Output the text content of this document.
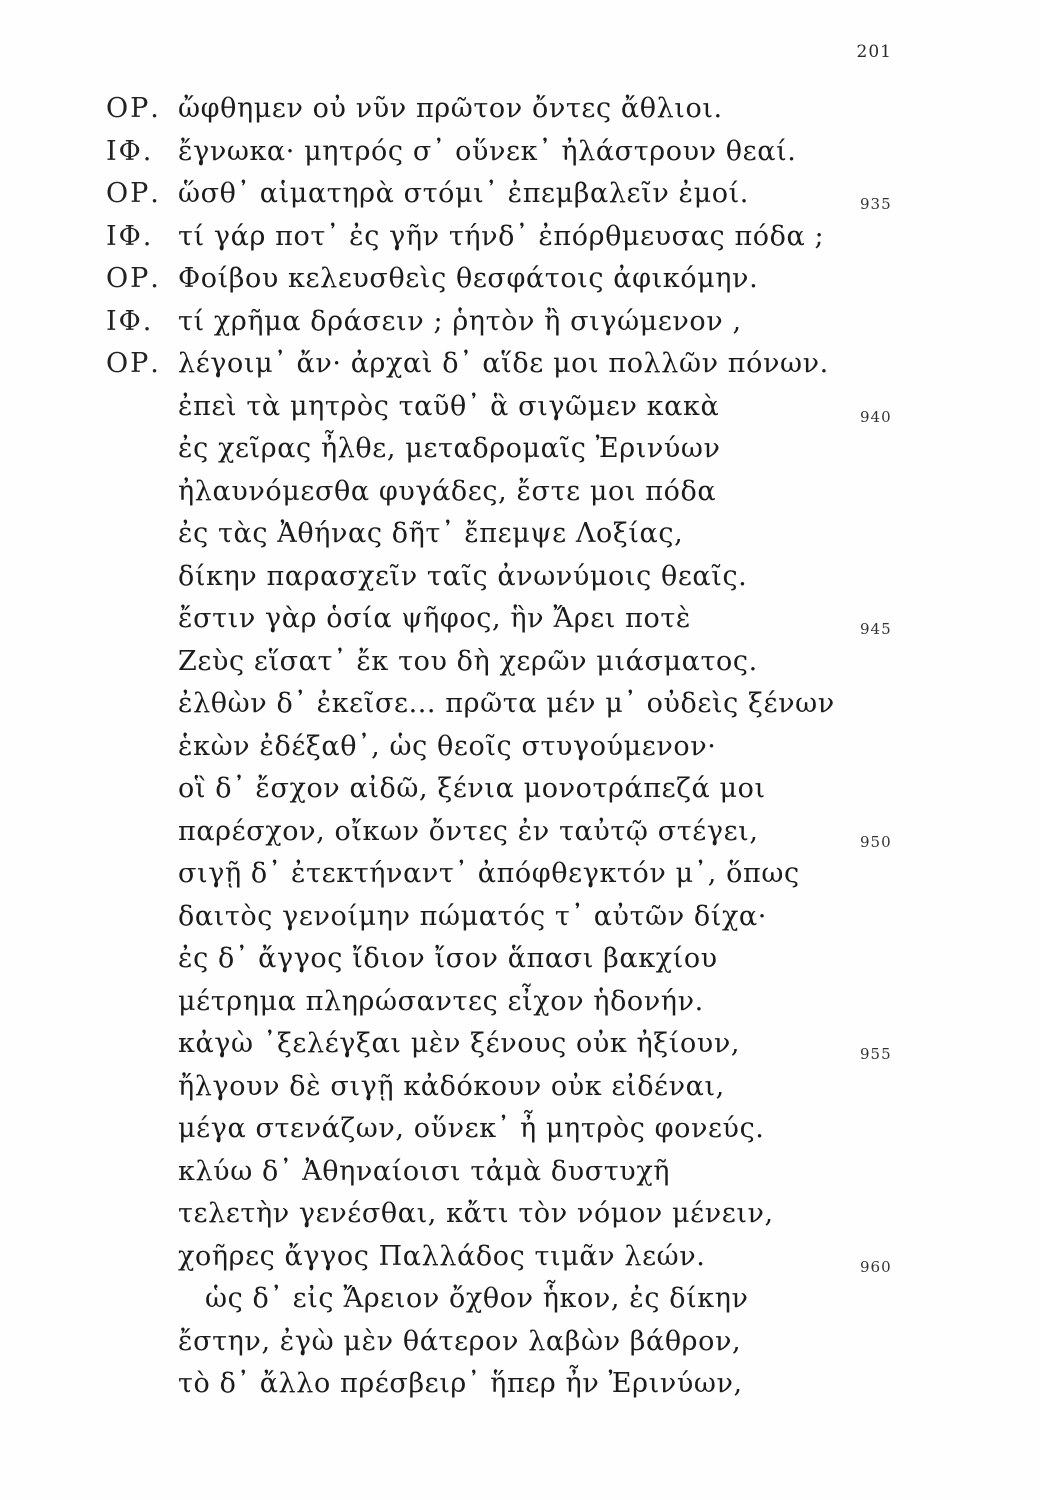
201
ΟΡ. ὤφθημεν οὐ νῦν πρῶτον ὄντες ἄθλιοι.
ΙΦ. ἔγνωκα· μητρός σ᾽ οὕνεκ᾽ ἠλάστρουν θεαί.
ΟΡ. ὥσθ᾽ αἱματηρὰ στόμι᾽ ἐπεμβαλεῖν ἐμοί.	935
ΙΦ. τί γάρ ποτ᾽ ἐς γῆν τήνδ᾽ ἐπόρθμευσας πόδα ;
ΟΡ. Φοίβου κελευσθεὶς θεσφάτοις ἀφικόμην.
ΙΦ. τί χρῆμα δράσειν ; ῥητὸν ἢ σιγώμενον ,
ΟΡ. λέγοιμ᾽ ἄν· ἀρχαὶ δ᾽ αἵδε μοι πολλῶν πόνων.
ἐπεὶ τὰ μητρὸς ταῦθ᾽ ἃ σιγῶμεν κακὰ	940
ἐς χεῖρας ἦλθε, μεταδρομαῖς Ἐρινύων
ἠλαυνόμεσθα φυγάδες, ἔστε μοι πόδα
ἐς τὰς Ἀθήνας δῆτ᾽ ἔπεμψε Λοξίας,
δίκην παρασχεῖν ταῖς ἀνωνύμοις θεαῖς.
ἔστιν γὰρ ὁσία ψῆφος, ἣν Ἄρει ποτὲ	945
Ζεὺς εἵσατ᾽ ἔκ του δὴ χερῶν μιάσματος.
ἐλθὼν δ᾽ ἐκεῖσε... πρῶτα μέν μ᾽ οὐδεὶς ξένων
ἑκὼν ἐδέξαθ᾽, ὡς θεοῖς στυγούμενον·
οἳ δ᾽ ἔσχον αἰδῶ, ξένια μονοτράπεζά μοι
παρέσχον, οἴκων ὄντες ἐν ταὐτῷ στέγει,	950
σιγῇ δ᾽ ἐτεκτήναντ᾽ ἀπόφθεγκτόν μ᾽, ὅπως
δαιτὸς γενοίμην πώματός τ᾽ αὐτῶν δίχα·
ἐς δ᾽ ἄγγος ἴδιον ἴσον ἅπασι βακχίου
μέτρημα πληρώσαντες εἶχον ἡδονήν.
κἀγὼ ᾽ξελέγξαι μὲν ξένους οὐκ ἠξίουν,	955
ἤλγουν δὲ σιγῇ κἀδόκουν οὐκ εἰδέναι,
μέγα στενάζων, οὕνεκ᾽ ἦ μητρὸς φονεύς.
κλύω δ᾽ Ἀθηναίοισι τἀμὰ δυστυχῆ
τελετὴν γενέσθαι, κἄτι τὸν νόμον μένειν,
χοῆρες ἄγγος Παλλάδος τιμᾶν λεών.	960
ὡς δ᾽ εἰς Ἄρειον ὄχθον ἧκον, ἐς δίκην
ἔστην, ἐγὼ μὲν θάτερον λαβὼν βάθρον,
τὸ δ᾽ ἄλλο πρέσβειρ᾽ ἥπερ ἦν Ἐρινύων,
